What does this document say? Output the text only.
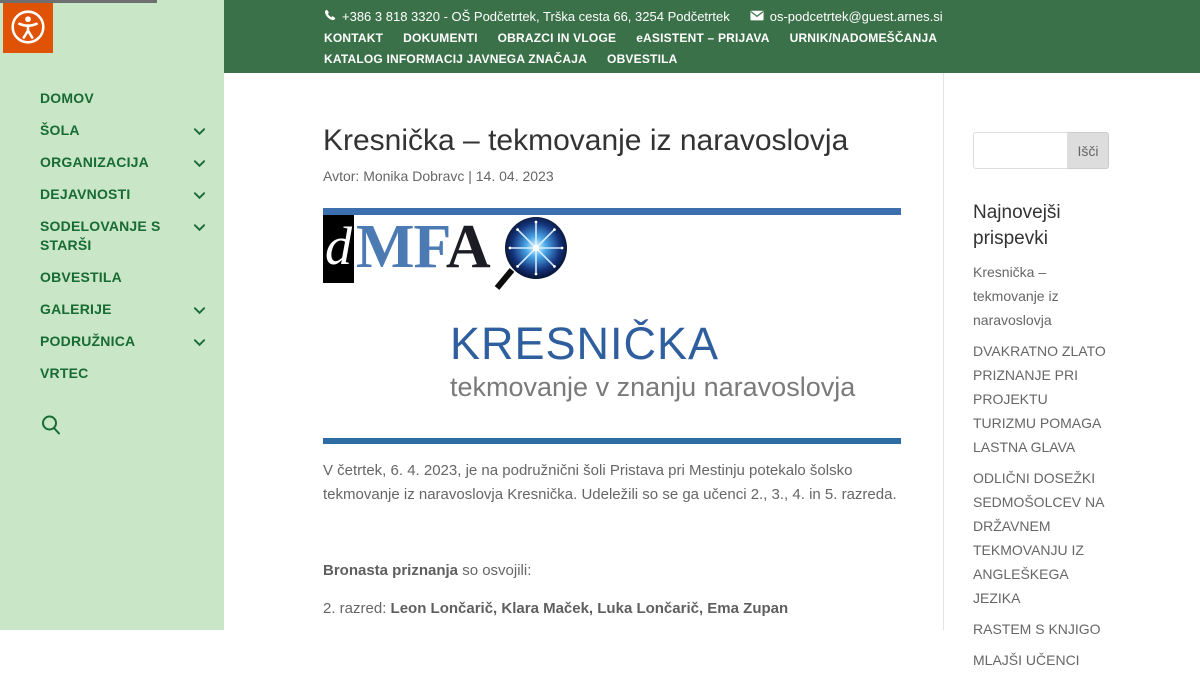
DOMOV
ŠOLA
ORGANIZACIJA
DEJAVNOSTI
SODELOVANJE S STARŠI
OBVESTILA
GALERIJE
PODRUŽNICA
VRTEC
+386 3 818 3320 - OŠ Podčetrtek, Trška cesta 66, 3254 Podčetrtek	os-podcetrtek@guest.arnes.si
KONTAKT DOKUMENTI OBRAZCI IN VLOGE eASISTENT – PRIJAVA URNIK/NADOMEŠČANJA
KATALOG INFORMACIJ JAVNEGA ZNAČAJA OBVESTILA
Kresnička – tekmovanje iz naravoslovja
Avtor: Monika Dobravc | 14. 04. 2023
d MFA
KRESNIČKA
tekmovanje v znanju naravoslovja

V četrtek, 6. 4. 2023, je na podružnični šoli Pristava pri Mestinju potekalo šolsko tekmovanje iz naravoslovja Kresnička. Udeležili so se ga učenci 2., 3., 4. in 5. razreda.

Bronasta priznanja so osvojili:

2. razred: Leon Lončarič, Klara Maček, Luka Lončarič, Ema Zupan

Išči
Najnovejši prispevki
Kresnička – tekmovanje iz naravoslovja
DVAKRATNO ZLATO PRIZNANJE PRI PROJEKTU TURIZMU POMAGA LASTNA GLAVA
ODLIČNI DOSEŽKI SEDMOŠOLCEV NA DRŽAVNEM TEKMOVANJU IZ ANGLEŠKEGA JEZIKA
RASTEM S KNJIGO
MLAJŠI UČENCI
